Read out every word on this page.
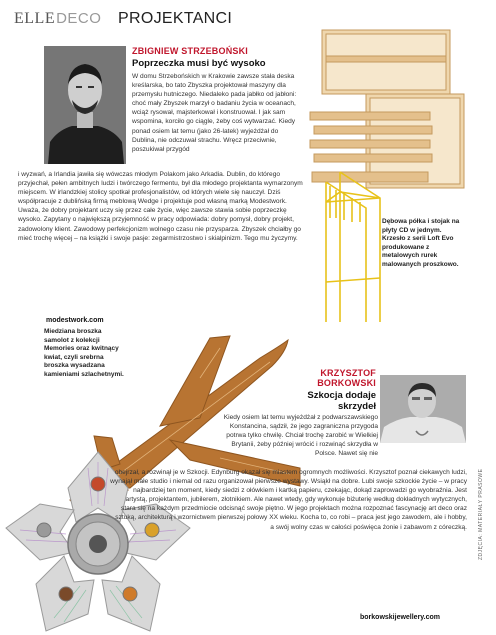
ELLEDECO PROJEKTANCI
ZBIGNIEW STRZEBOŃSKI
Poprzeczka musi być wysoko
W domu Strzebońskich w Krakowie zawsze stała deska kreślarska, bo tato Zbyszka projektował maszyny dla przemysłu hutniczego. Niedaleko pada jabłko od jabłoni: choć mały Zbyszek marzył o badaniu życia w oceanach, wciąż rysował, majsterkował i konstruował. I jak sam wspomina, korciło go ciągle, żeby coś wytwarzać. Kiedy ponad osiem lat temu (jako 26-latek) wyjeżdżał do Dublina, nie odczuwał strachu. Wręcz przeciwnie, poszukiwał przygód
i wyzwań, a Irlandia jawiła się wówczas młodym Polakom jako Arkadia. Dublin, do którego przyjechał, pełen ambitnych ludzi i twórczego fermentu, był dla młodego projektanta wymarzonym miejscem. W irlandzkiej stolicy spotkał profesjonalistów, od których wiele się nauczył. Dziś współpracuje z dublińską firmą meblową Wedge i projektuje pod własną marką Modestwork. Uważa, że dobry projektant uczy się przez całe życie, więc zawsze stawia sobie poprzeczkę wysoko. Zapytany o największą przyjemność w pracy odpowiada: dobry pomysł, dobry projekt, zadowolony klient. Zawodowy perfekcjonizm wolnego czasu nie przysparza. Zbyszek chciałby go mieć trochę więcej – na książki i swoje pasje: zegarmistrzostwo i skialpinizm. Tego mu życzymy.
modestwork.com
Dębowa półka i stojak na płyty CD w jednym. Krzesło z serii Loft Evo produkowane z metalowych rurek malowanych proszkowo.
Miedziana broszka samolot z kolekcji Memories oraz kwitnący kwiat, czyli srebrna broszka wysadzana kamieniami szlachetnymi.	KRZYSZTOF
BORKOWSKI
Szkocja dodaje
skrzydeł
Kiedy osiem lat temu wyjeżdżał z podwarszawskiego Konstancina, sądził, że jego zagraniczna przygoda potrwa tylko chwilę. Chciał trochę zarobić w Wielkiej Brytanii, żeby później wrócić i rozwinąć skrzydła w Polsce. Nawet się nie
obejrzał, a rozwinął je w Szkocji. Edynburg okazał się miastem ogromnych możliwości. Krzysztof poznał ciekawych ludzi, wynajął małe studio i niemal od razu organizował pierwsze wystawy. Wsiąkł na dobre. Lubi swoje szkockie życie – w pracy najbardziej ten moment, kiedy siedzi z ołówkiem i kartką papieru, czekając, dokąd zaprowadzi go wyobraźnia. Jest artystą, projektantem, jubilerem, złotnikiem. Ale nawet wtedy, gdy wykonuje biżuterię według dokładnych wytycznych, stara się na każdym przedmiocie odcisnąć swoje piętno. W jego projektach można rozpoznać fascynację art deco oraz sztuką, architekturą i wzornictwem pierwszej połowy XX wieku. Kocha to, co robi – praca jest jego zawodem, ale i hobby, a swój wolny czas w całości poświęca żonie i zabawom z córeczką.
borkowskijewellery.com
ZDJĘCIA: MATERIAŁY PRASOWE
